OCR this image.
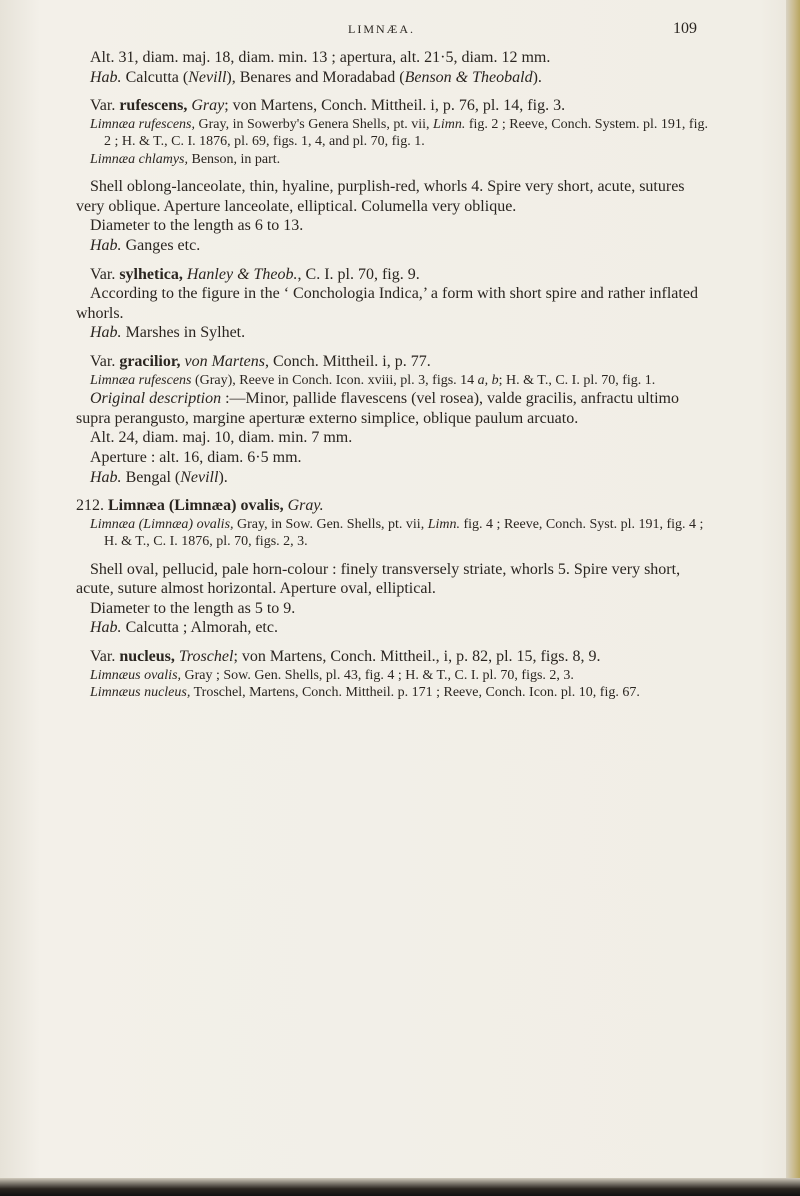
LIMNÆA.	109

Alt. 31, diam. maj. 18, diam. min. 13 ; apertura, alt. 21·5, diam. 12 mm.

Hab. Calcutta (Nevill), Benares and Moradabad (Benson & Theobald).

Var. rufescens, Gray; von Martens, Conch. Mittheil. i, p. 76, pl. 14, fig. 3.

Limnæa rufescens, Gray, in Sowerby's Genera Shells, pt. vii, Limn. fig. 2 ; Reeve, Conch. System. pl. 191, fig. 2 ; H. & T., C. I. 1876, pl. 69, figs. 1, 4, and pl. 70, fig. 1.

Limnæa chlamys, Benson, in part.

Shell oblong-lanceolate, thin, hyaline, purplish-red, whorls 4. Spire very short, acute, sutures very oblique. Aperture lanceolate, elliptical. Columella very oblique.

Diameter to the length as 6 to 13.

Hab. Ganges etc.

Var. sylhetica, Hanley & Theob., C. I. pl. 70, fig. 9.

According to the figure in the ‘ Conchologia Indica,’ a form with short spire and rather inflated whorls.

Hab. Marshes in Sylhet.

Var. gracilior, von Martens, Conch. Mittheil. i, p. 77.

Limnæa rufescens (Gray), Reeve in Conch. Icon. xviii, pl. 3, figs. 14 a, b; H. & T., C. I. pl. 70, fig. 1.

Original description :—Minor, pallide flavescens (vel rosea), valde gracilis, anfractu ultimo supra perangusto, margine aperturæ externo simplice, oblique paulum arcuato.

Alt. 24, diam. maj. 10, diam. min. 7 mm.

Aperture : alt. 16, diam. 6·5 mm.

Hab. Bengal (Nevill).

212. Limnæa (Limnæa) ovalis, Gray.

Limnæa (Limnæa) ovalis, Gray, in Sow. Gen. Shells, pt. vii, Limn. fig. 4 ; Reeve, Conch. Syst. pl. 191, fig. 4 ; H. & T., C. I. 1876, pl. 70, figs. 2, 3.

Shell oval, pellucid, pale horn-colour : finely transversely striate, whorls 5. Spire very short, acute, suture almost horizontal. Aperture oval, elliptical.

Diameter to the length as 5 to 9.

Hab. Calcutta ; Almorah, etc.

Var. nucleus, Troschel; von Martens, Conch. Mittheil., i, p. 82, pl. 15, figs. 8, 9.

Limnæus ovalis, Gray ; Sow. Gen. Shells, pl. 43, fig. 4 ; H. & T., C. I. pl. 70, figs. 2, 3.

Limnæus nucleus, Troschel, Martens, Conch. Mittheil. p. 171 ; Reeve, Conch. Icon. pl. 10, fig. 67.
